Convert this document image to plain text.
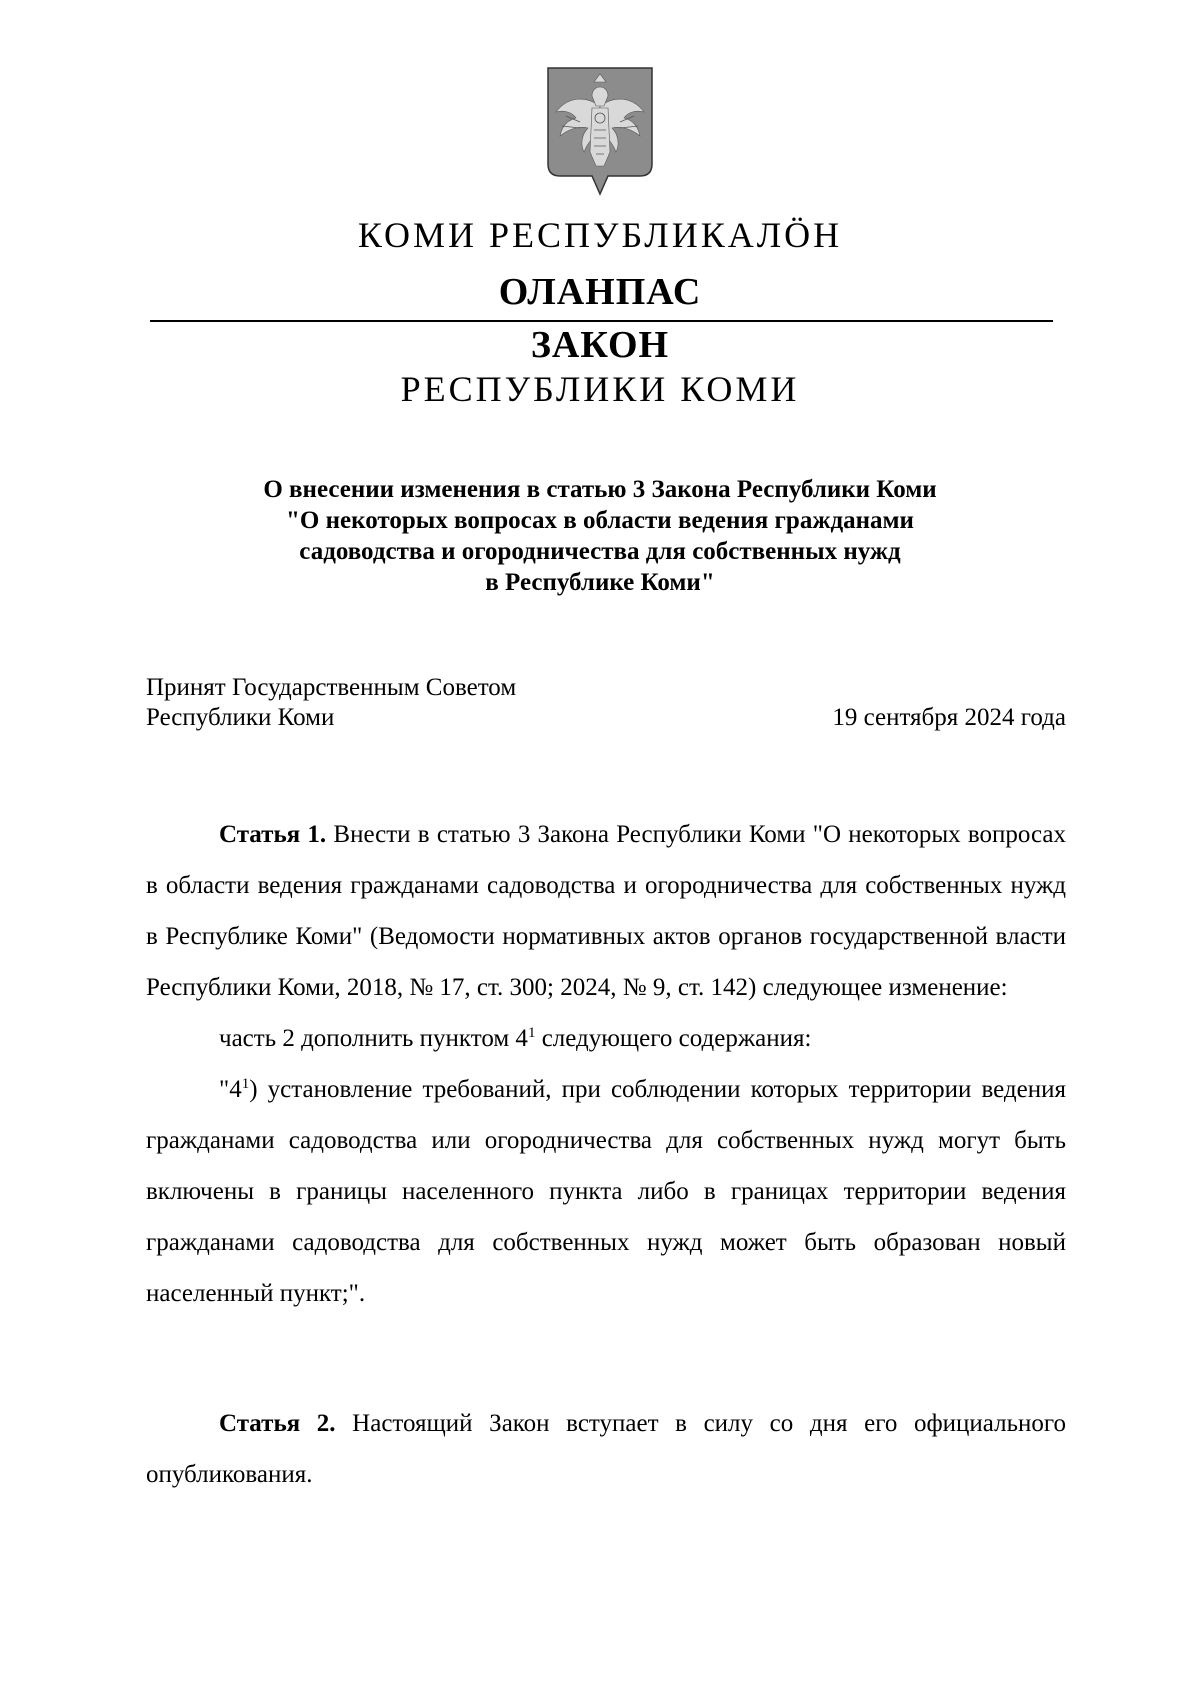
КОМИ РЕСПУБЛИКАЛӦН
ОЛАНПАС
ЗАКОН
РЕСПУБЛИКИ КОМИ
О внесении изменения в статью 3 Закона Республики Коми
"О некоторых вопросах в области ведения гражданами
садоводства и огородничества для собственных нужд
в Республике Коми"
Принят Государственным Советом
Республики Коми	19 сентября 2024 года

Статья 1. Внести в статью 3 Закона Республики Коми "О некоторых вопросах в области ведения гражданами садоводства и огородничества для собственных нужд в Республике Коми" (Ведомости нормативных актов органов государственной власти Республики Коми, 2018, № 17, ст. 300; 2024, № 9, ст. 142) следующее изменение:

часть 2 дополнить пунктом $4^1$ следующего содержания:

"$4^1$) установление требований, при соблюдении которых территории ведения гражданами садоводства или огородничества для собственных нужд могут быть включены в границы населенного пункта либо в границах территории ведения гражданами садоводства для собственных нужд может быть образован новый населенный пункт;".

Статья 2. Настоящий Закон вступает в силу со дня его официального опубликования.
